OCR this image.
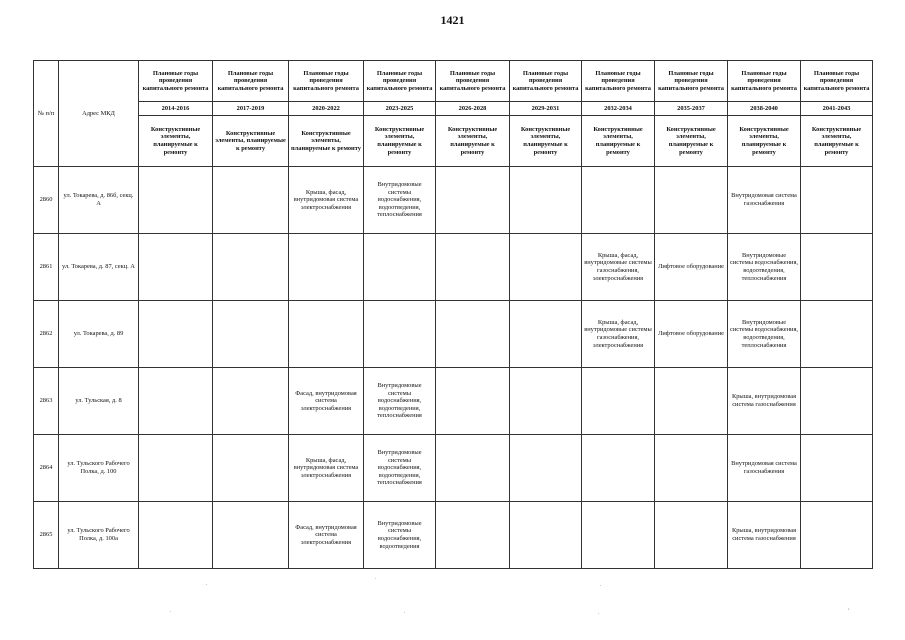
1421
№ п/п	Адрес МКД	Плановые годы проведения капитального ремонта	Плановые годы проведения капитального ремонта	Плановые годы проведения капитального ремонта	Плановые годы проведения капитального ремонта	Плановые годы проведения капитального ремонта	Плановые годы проведения капитального ремонта	Плановые годы проведения капитального ремонта	Плановые годы проведения капитального ремонта	Плановые годы проведения капитального ремонта	Плановые годы проведения капитального ремонта
		2014-2016	2017-2019	2020-2022	2023-2025	2026-2028	2029-2031	2032-2034	2035-2037	2038-2040	2041-2043
		Конструктивные элементы, планируемые к ремонту	Конструктивные элементы, планируемые к ремонту	Конструктивные элементы, планируемые к ремонту	Конструктивные элементы, планируемые к ремонту	Конструктивные элементы, планируемые к ремонту	Конструктивные элементы, планируемые к ремонту	Конструктивные элементы, планируемые к ремонту	Конструктивные элементы, планируемые к ремонту	Конструктивные элементы, планируемые к ремонту	Конструктивные элементы, планируемые к ремонту
2860	ул. Токарева, д. 86б, секц. А			Крыша, фасад, внутридомовая система электроснабжения	Внутридомовые системы водоснабжения, водоотведения, теплоснабжения					Внутридомовая система газоснабжения	
2861	ул. Токарева, д. 87, секц. А							Крыша, фасад, внутридомовые системы газоснабжения, электроснабжения	Лифтовое оборудование	Внутридомовые системы водоснабжения, водоотведения, теплоснабжения	
2862	ул. Токарева, д. 89							Крыша, фасад, внутридомовые системы газоснабжения, электроснабжения	Лифтовое оборудование	Внутридомовые системы водоснабжения, водоотведения, теплоснабжения	
2863	ул. Тульская, д. 8			Фасад, внутридомовая система электроснабжения	Внутридомовые системы водоснабжения, водоотведения, теплоснабжения					Крыша, внутридомовая система газоснабжения	
2864	ул. Тульского Рабочего Полка, д. 100			Крыша, фасад, внутридомовая система электроснабжения	Внутридомовые системы водоснабжения, водоотведения, теплоснабжения					Внутридомовая система газоснабжения	
2865	ул. Тульского Рабочего Полка, д. 100а			Фасад, внутридомовая система электроснабжения	Внутридомовые системы водоснабжения, водоотведения					Крыша, внутридомовая система газоснабжения	
.
.
.
.	.	.
,
